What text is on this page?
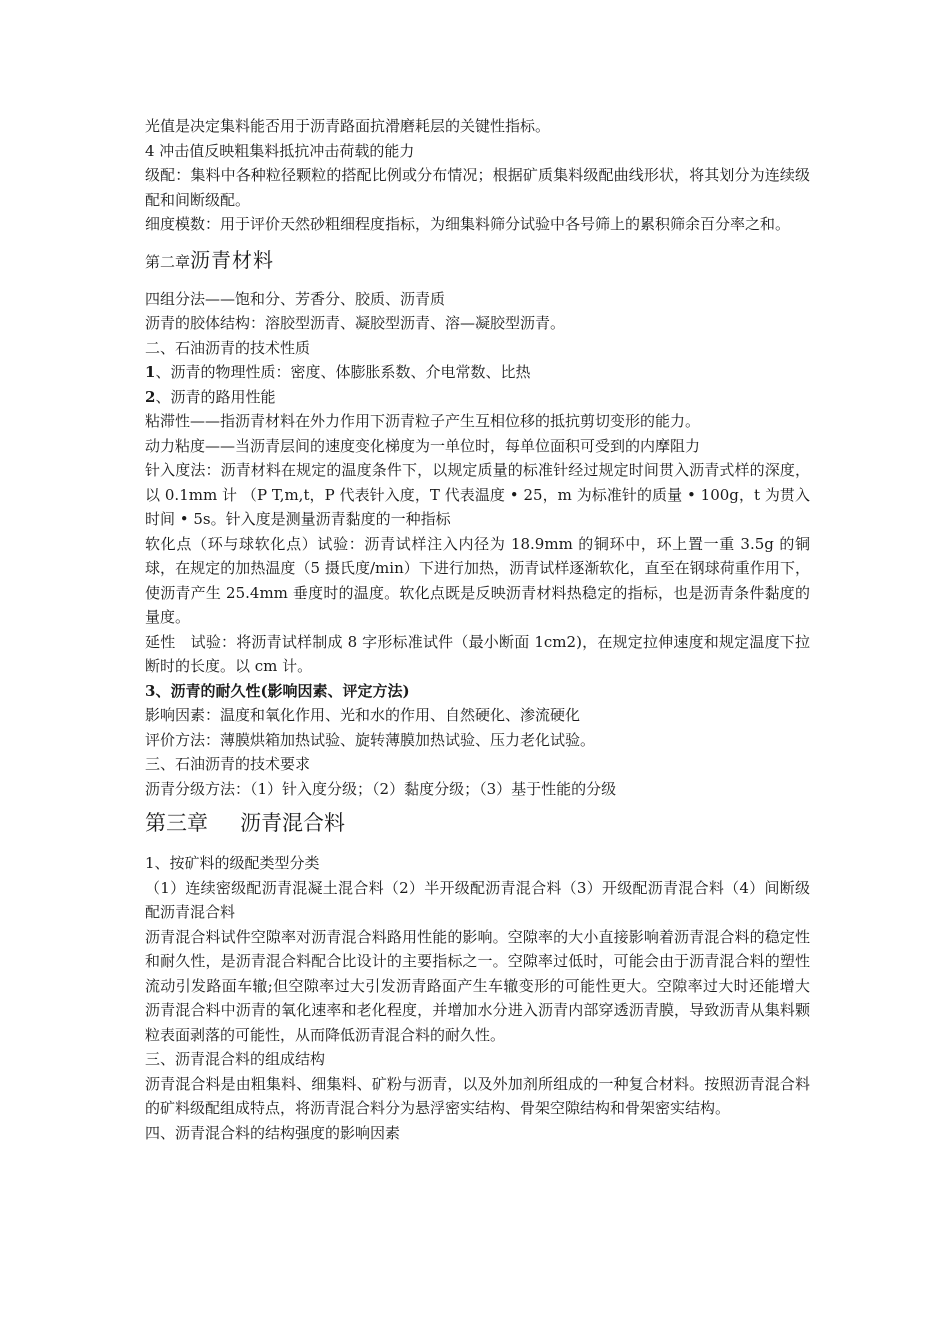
光值是决定集料能否用于沥青路面抗滑磨耗层的关键性指标。

4 冲击值反映粗集料抵抗冲击荷载的能力

级配：集料中各种粒径颗粒的搭配比例或分布情况；根据矿质集料级配曲线形状，将其划分为连续级配和间断级配。

细度模数：用于评价天然砂粗细程度指标，为细集料筛分试验中各号筛上的累积筛余百分率之和。

第二章沥青材料

四组分法——饱和分、芳香分、胶质、沥青质

沥青的胶体结构：溶胶型沥青、凝胶型沥青、溶—凝胶型沥青。

二、石油沥青的技术性质

1、沥青的物理性质：密度、体膨胀系数、介电常数、比热

2、沥青的路用性能

粘滞性——指沥青材料在外力作用下沥青粒子产生互相位移的抵抗剪切变形的能力。

动力粘度——当沥青层间的速度变化梯度为一单位时，每单位面积可受到的内摩阻力

针入度法：沥青材料在规定的温度条件下，以规定质量的标准针经过规定时间贯入沥青式样的深度，以 0.1mm 计 （P T,m,t，P 代表针入度，T 代表温度 • 25，m 为标准针的质量 • 100g，t 为贯入时间 • 5s。针入度是测量沥青黏度的一种指标

软化点（环与球软化点）试验：沥青试样注入内径为 18.9mm 的铜环中，环上置一重 3.5g 的铜球，在规定的加热温度（5 摄氏度/min）下进行加热，沥青试样逐渐软化，直至在钢球荷重作用下，使沥青产生 25.4mm 垂度时的温度。软化点既是反映沥青材料热稳定的指标，也是沥青条件黏度的量度。

延性　试验：将沥青试样制成 8 字形标准试件（最小断面 1cm2)，在规定拉伸速度和规定温度下拉断时的长度。以 cm 计。

3、沥青的耐久性(影响因素、评定方法)

影响因素：温度和氧化作用、光和水的作用、自然硬化、渗流硬化

评价方法：薄膜烘箱加热试验、旋转薄膜加热试验、压力老化试验。

三、石油沥青的技术要求

沥青分级方法：（1）针入度分级；（2）黏度分级；（3）基于性能的分级

第三章 沥青混合料

1、按矿料的级配类型分类

（1）连续密级配沥青混凝土混合料（2）半开级配沥青混合料（3）开级配沥青混合料（4）间断级配沥青混合料

沥青混合料试件空隙率对沥青混合料路用性能的影响。空隙率的大小直接影响着沥青混合料的稳定性和耐久性，是沥青混合料配合比设计的主要指标之一。空隙率过低时，可能会由于沥青混合料的塑性流动引发路面车辙;但空隙率过大引发沥青路面产生车辙变形的可能性更大。空隙率过大时还能增大沥青混合料中沥青的氧化速率和老化程度，并增加水分进入沥青内部穿透沥青膜，导致沥青从集料颗粒表面剥落的可能性，从而降低沥青混合料的耐久性。

三、沥青混合料的组成结构

沥青混合料是由粗集料、细集料、矿粉与沥青，以及外加剂所组成的一种复合材料。按照沥青混合料的矿料级配组成特点，将沥青混合料分为悬浮密实结构、骨架空隙结构和骨架密实结构。

四、沥青混合料的结构强度的影响因素
